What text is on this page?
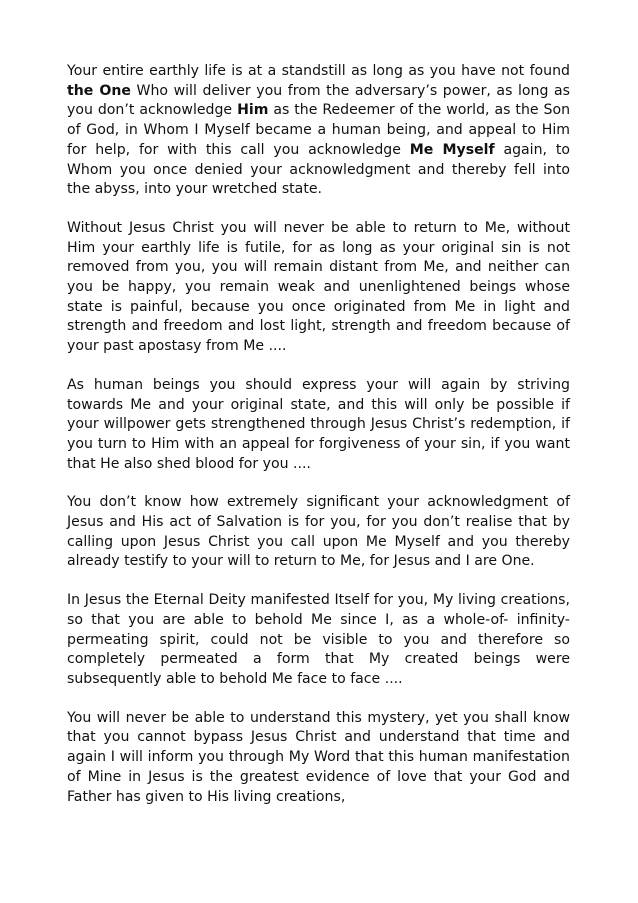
Your entire earthly life is at a standstill as long as you have not found the One Who will deliver you from the adversary’s power, as long as you don’t acknowledge Him as the Redeemer of the world, as the Son of God, in Whom I Myself became a human being, and appeal to Him for help, for with this call you acknowledge Me Myself again, to Whom you once denied your acknowledgment and thereby fell into the abyss, into your wretched state.

Without Jesus Christ you will never be able to return to Me, without Him your earthly life is futile, for as long as your original sin is not removed from you, you will remain distant from Me, and neither can you be happy, you remain weak and unenlightened beings whose state is painful, because you once originated from Me in light and strength and freedom and lost light, strength and freedom because of your past apostasy from Me ....

As human beings you should express your will again by striving towards Me and your original state, and this will only be possible if your willpower gets strengthened through Jesus Christ’s redemption, if you turn to Him with an appeal for forgiveness of your sin, if you want that He also shed blood for you ....

You don’t know how extremely significant your acknowledgment of Jesus and His act of Salvation is for you, for you don’t realise that by calling upon Jesus Christ you call upon Me Myself and you thereby already testify to your will to return to Me, for Jesus and I are One.

In Jesus the Eternal Deity manifested Itself for you, My living creations, so that you are able to behold Me since I, as a whole-of- infinity-permeating spirit, could not be visible to you and therefore so completely permeated a form that My created beings were subsequently able to behold Me face to face ....

You will never be able to understand this mystery, yet you shall know that you cannot bypass Jesus Christ and understand that time and again I will inform you through My Word that this human manifestation of Mine in Jesus is the greatest evidence of love that your God and Father has given to His living creations,
